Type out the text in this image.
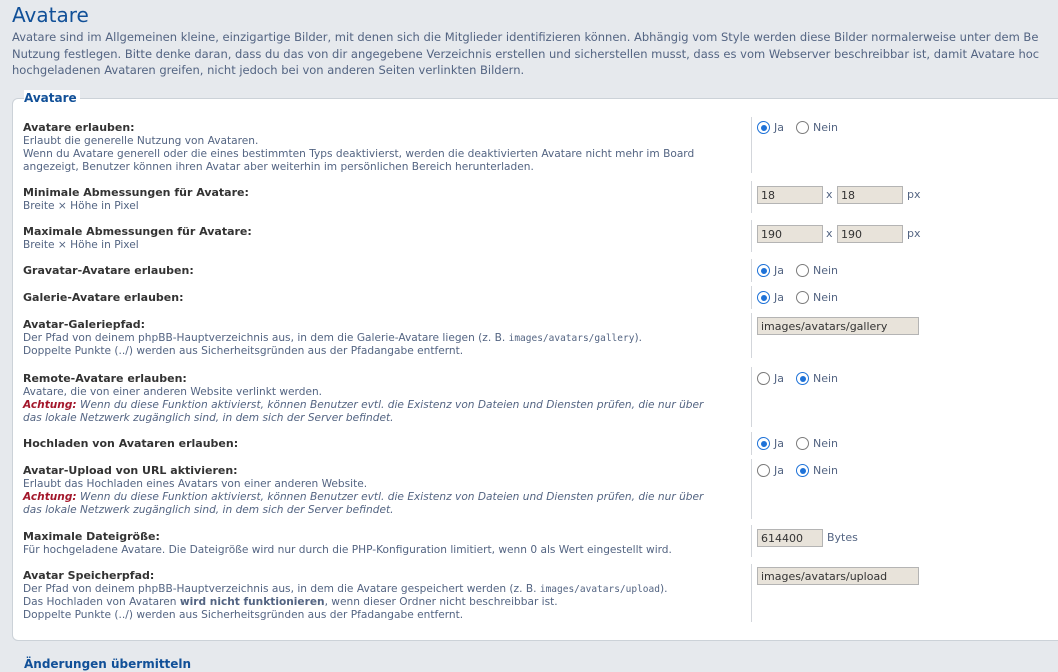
Avatare
Avatare sind im Allgemeinen kleine, einzigartige Bilder, mit denen sich die Mitglieder identifizieren können. Abhängig vom Style werden diese Bilder normalerweise unter dem Be
Nutzung festlegen. Bitte denke daran, dass du das von dir angegebene Verzeichnis erstellen und sicherstellen musst, dass es vom Webserver beschreibbar ist, damit Avatare hoc
hochgeladenen Avataren greifen, nicht jedoch bei von anderen Seiten verlinkten Bildern.
Avatare
Avatare erlauben:
Erlaubt die generelle Nutzung von Avataren.
Wenn du Avatare generell oder die eines bestimmten Typs deaktivierst, werden die deaktivierten Avatare nicht mehr im Board
angezeigt, Benutzer können ihren Avatar aber weiterhin im persönlichen Bereich herunterladen.
Ja	Nein
Minimale Abmessungen für Avatare:
Breite × Höhe in Pixel
18	x 18	px
Maximale Abmessungen für Avatare:
Breite × Höhe in Pixel
190	x 190	px
Gravatar-Avatare erlauben:	Ja	Nein
Galerie-Avatare erlauben:	Ja	Nein
Avatar-Galeriepfad:
Der Pfad von deinem phpBB-Hauptverzeichnis aus, in dem die Galerie-Avatare liegen (z. B. images/avatars/gallery).
Doppelte Punkte (../) werden aus Sicherheitsgründen aus der Pfadangabe entfernt.
images/avatars/gallery
Remote-Avatare erlauben:
Avatare, die von einer anderen Website verlinkt werden.
Achtung: Wenn du diese Funktion aktivierst, können Benutzer evtl. die Existenz von Dateien und Diensten prüfen, die nur über
das lokale Netzwerk zugänglich sind, in dem sich der Server befindet.
Ja	Nein
Hochladen von Avataren erlauben:	Ja	Nein
Avatar-Upload von URL aktivieren:
Erlaubt das Hochladen eines Avatars von einer anderen Website.
Achtung: Wenn du diese Funktion aktivierst, können Benutzer evtl. die Existenz von Dateien und Diensten prüfen, die nur über
das lokale Netzwerk zugänglich sind, in dem sich der Server befindet.
Ja	Nein
Maximale Dateigröße:
Für hochgeladene Avatare. Die Dateigröße wird nur durch die PHP-Konfiguration limitiert, wenn 0 als Wert eingestellt wird.
614400	Bytes
Avatar Speicherpfad:
Der Pfad von deinem phpBB-Hauptverzeichnis aus, in dem die Avatare gespeichert werden (z. B. images/avatars/upload).
Das Hochladen von Avataren wird nicht funktionieren, wenn dieser Ordner nicht beschreibbar ist.
Doppelte Punkte (../) werden aus Sicherheitsgründen aus der Pfadangabe entfernt.
images/avatars/upload
Änderungen übermitteln
